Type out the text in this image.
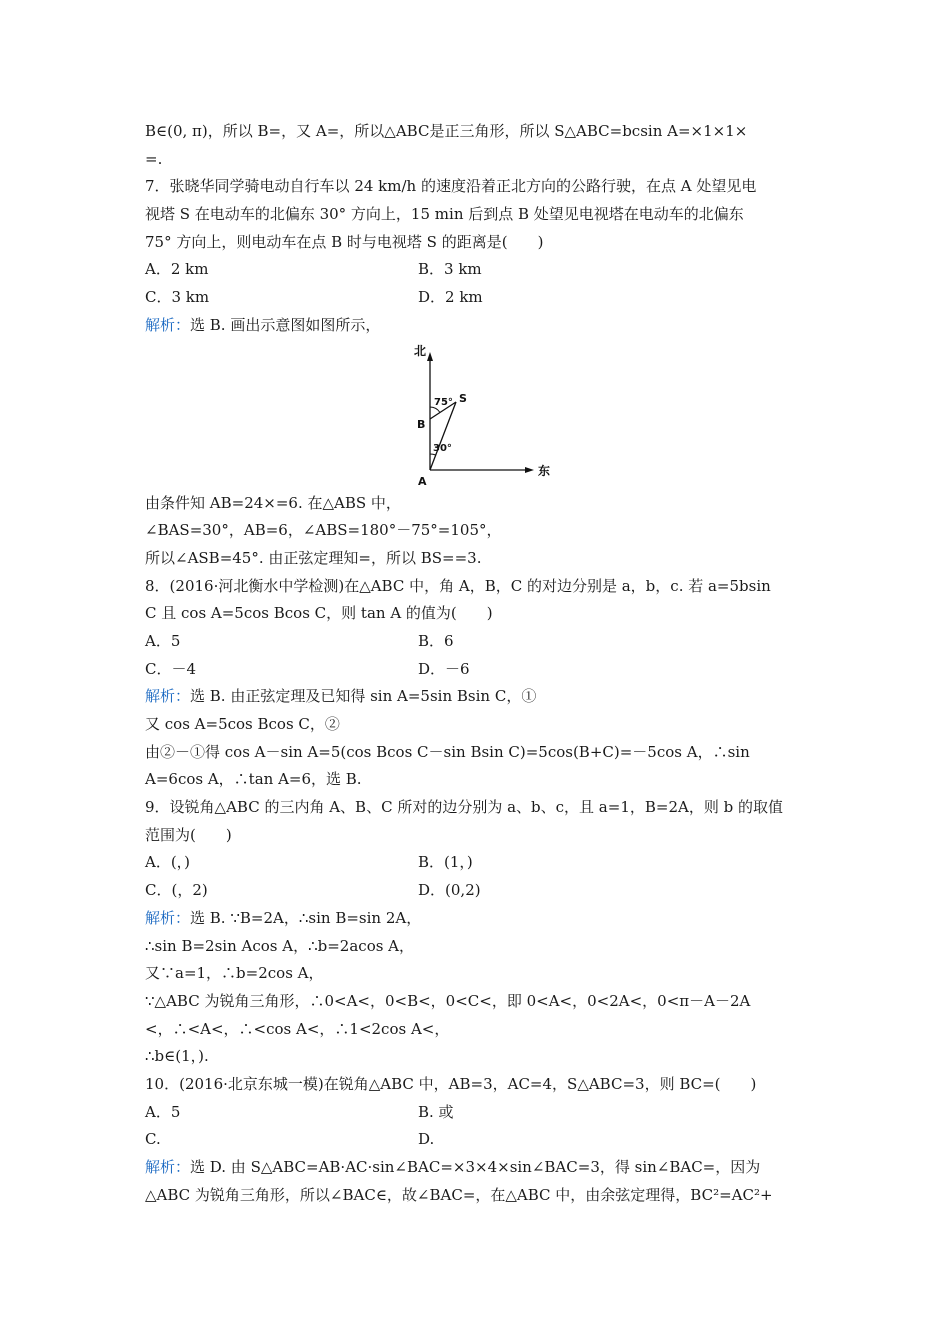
B∈(0, π)，所以 B=，又 A=，所以△ABC是正三角形，所以 S△ABC=bcsin A=×1×1×
=.
7．张晓华同学骑电动自行车以 24 km/h 的速度沿着正北方向的公路行驶，在点 A 处望见电
视塔 S 在电动车的北偏东 30° 方向上，15 min 后到点 B 处望见电视塔在电动车的北偏东
75° 方向上，则电动车在点 B 时与电视塔 S 的距离是(　　)
A．2 km	B．3 km
C．3 km	D．2 km
解析：选 B. 画出示意图如图所示，
北
东
A
B
S
75°
30°
由条件知 AB=24×=6. 在△ABS 中，
∠BAS=30°，AB=6，∠ABS=180°－75°=105°，
所以∠ASB=45°. 由正弦定理知=，所以 BS==3.
8．(2016·河北衡水中学检测)在△ABC 中，角 A，B，C 的对边分别是 a，b，c. 若 a=5bsin
C 且 cos A=5cos Bcos C，则 tan A 的值为(　　)
A．5	B．6
C．－4	D．－6
解析：选 B. 由正弦定理及已知得 sin A=5sin Bsin C，①
又 cos A=5cos Bcos C，②
由②－①得 cos A－sin A=5(cos Bcos C－sin Bsin C)=5cos(B+C)=－5cos A，∴sin
A=6cos A，∴tan A=6，选 B.
9．设锐角△ABC 的三内角 A、B、C 所对的边分别为 a、b、c，且 a=1，B=2A，则 b 的取值
范围为(　　)
A．(，)	B．(1，)
C．(，2)	D．(0,2)
解析：选 B. ∵B=2A，∴sin B=sin 2A，
∴sin B=2sin Acos A，∴b=2acos A，
又∵a=1，∴b=2cos A，
∵△ABC 为锐角三角形，∴0<A<，0<B<，0<C<，即 0<A<，0<2A<，0<π－A－2A
<，∴<A<，∴<cos A<，∴1<2cos A<，
∴b∈(1，).
10．(2016·北京东城一模)在锐角△ABC 中，AB=3，AC=4，S△ABC=3，则 BC=(　　)
A．5	B. 或
C.	D.
解析：选 D. 由 S△ABC=AB·AC·sin∠BAC=×3×4×sin∠BAC=3，得 sin∠BAC=，因为
△ABC 为锐角三角形，所以∠BAC∈，故∠BAC=，在△ABC 中，由余弦定理得，BC²=AC²+
